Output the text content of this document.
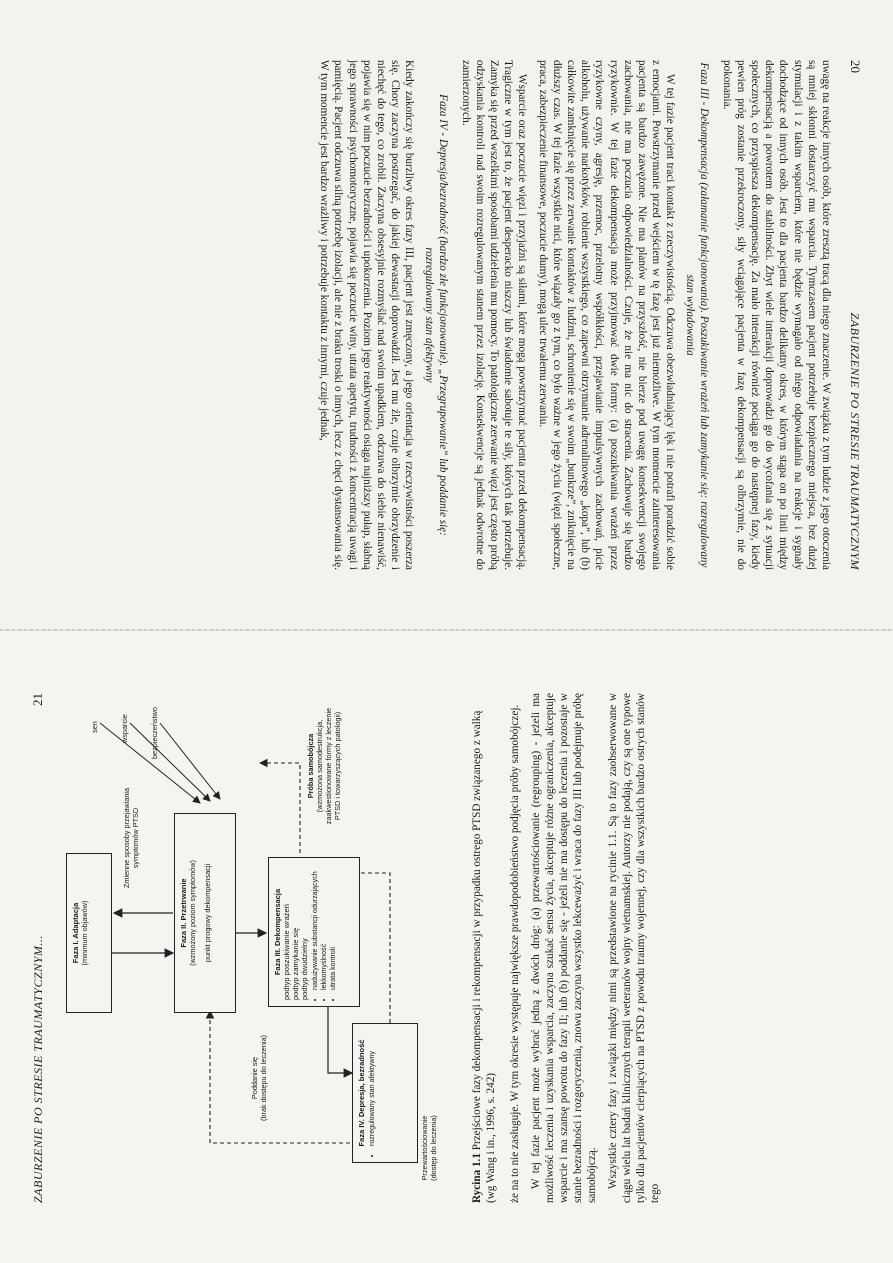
20
ZABURZENIE PO STRESIE TRAUMATYCZNYM

uwagę na reakcje innych osób, które zresztą tracą dla niego znaczenie. W związku z tym ludzie z jego otoczenia są mniej skłonni dostarczyć mu wsparcia. Tymczasem pacjent potrzebuje bezpiecznego miejsca, bez dużej stymulacji i z takim wsparciem, które nie będzie wymagało od niego odpowiadania na reakcje i sygnały dochodzące od innych osób. Jest to dla pacjenta bardzo delikatny okres, w którym stąpa on po linii między dekompensacją a powrotem do stabilności. Zbyt wiele interakcji doprowadzi go do wycofania się z sytuacji społecznych, co przyspiesza dekompensację. Za mało interakcji również pociąga go do następnej fazy, kiedy pewien próg zostanie przekroczony, siły wciągające pacjenta w fazę dekompensacji są olbrzymie, nie do pokonania.

Faza III - Dekompensacja (załamanie funkcjonowania). Poszukiwanie wrażeń lub zamykanie się: rozregulowany stan wyładowania

W tej fazie pacjent traci kontakt z rzeczywistością. Odczuwa obezwładniający lęk i nie potrafi poradzić sobie z emocjami. Powstrzymanie przed wejściem w tę fazę jest już niemożliwe. W tym momencie zainteresowania pacjenta są bardzo zawężone. Nie ma planów na przyszłość, nie bierze pod uwagę konsekwencji swojego zachowania, nie ma poczucia odpowiedzialności. Czuje, że nie ma nic do stracenia. Zachowuje się bardzo ryzykownie. W tej fazie dekompensacja może przyjmować dwie formy: (a) poszukiwania wrażeń przez ryzykowne czyny, agresję, przemoc, przelotny współkłości, przejawianie impulsywnych zachowań, picie alkoholu, używanie narkotyków, robienie wszystkiego, co zapewni otrzymanie adrenalinowego „kopa”, lub (b) całkowite zamknięcie się przez zerwanie kontaktów z ludźmi, schronienie się w swoim „bunkrze”, zniknięcie na dłuższy czas. W tej fazie wszystkie nici, które wiązały go z tym, co było ważne w jego życiu (więzi społeczne, praca, zabezpieczenie finansowe, poczucie dumy), mogą ulec trwałemu zerwaniu.

Wsparcie oraz poczucie więzi i przyjaźni są siłami, które mogą powstrzymać pacjenta przed dekompensacją. Tragiczne w tym jest to, że pacjent desperacko niszczy lub świadomie sabotuje te siły, których tak potrzebuje. Zamyka się przed wszelkimi sposobami udzielenia mu pomocy. To patologiczne zerwanie więzi jest często próbą odzyskania kontroli nad swoim rozregulowanym stanem przez izolację. Konsekwencje są jednak odwrotne do zamierzonych.

Faza IV - Depresja/bezradność (bardzo złe funkcjonowanie). „Przegrupowanie” lub poddanie się: rozregulowany stan afektywny

Kiedy zakończy się burzliwy okres fazy III, pacjent jest zmęczony, a jego orientacja w rzeczywistości poszerza się. Chory zaczyna postrzegać, do jakiej dewastacji doprowadził. Jest mu źle, czuje olbrzymie obrzydzenie i niechęć do tego, co zrobił. Zaczyna obsesyjnie rozmyślać nad swoim upadkiem, odczuwa do siebie nienawiść, pojawia się w nim poczucie bezradności i upokorzenia. Poziom jego reaktywności osiąga najniższy pułap, słabną jego sprawności psychomotoryczne, pojawia się poczucie winy, utrata apetytu, trudności z koncentracją uwagi i pamięcią. Pacjent odczuwa silną potrzebę izolacji, ale nie z braku troski o innych, lecz z chęci dystansowania się. W tym momencie jest bardzo wrażliwy i potrzebuje kontaktu z innymi, czuje jednak,

ZABURZENIE PO STRESIE TRAUMATYCZNYM...
21
Faza I. Adaptacja (minimum objawów)
Zmienne sposoby przejawiania symptomów PTSD
Faza II. Przetrwanie (wzmożony poziom symptomów) punkt progowy dekompensacji
Poddanie się (brak dostępu do leczenia)
Faza III. Dekompensacja podtyp poszukiwanie wrażeń podtyp zamykanie się podtyp dwudzielny • nadużywanie substancji odurzających • lekkomyślność • utrata kontroli
Faza IV. Depresja, bezradność • rozregulowany stan afektywny
Przewartościowanie (dostęp do leczenia)
Próba samobójcza (wzmożona samodestrukcja, zaakwestionowane formy z leczenie PTSD i towarzyszących patologii)
sen	wsparcie	bezpieczeństwo
Rycina 1.1 Przejściowe fazy dekompensacji i rekompensacji w przypadku ostrego PTSD związanego z walką (wg Wang i in., 1996, s. 242) że na to nie zasługuje. W tym okresie występuje największe prawdopodobieństwo podjęcia próby samobójczej. W tej fazie pacjent może wybrać jedną z dwóch dróg: (a) przewartościowanie (regrouping) - jeżeli ma możliwość leczenia i uzyskania wsparcia, zaczyna szukać sensu życia, akceptuje różne ograniczenia, akceptuje wsparcie i ma szansę powrotu do fazy II; lub (b) poddanie się - jeżeli nie ma dostępu do leczenia i pozostaje w stanie bezradności i rozgoryczenia, znowu zaczyna wszystko lekceważyć i wraca do fazy III lub podejmuje próbę samobójczą. Wszystkie cztery fazy i związki między nimi są przedstawione na rycinie 1.1. Są to fazy zaobserwowane w ciągu wielu lat badań klinicznych terapii weteranów wojny wietnamskiej. Autorzy nie podają, czy są one typowe tylko dla pacjentów cierpiących na PTSD z powodu traumy wojennej, czy dla wszystkich bardzo ostrych stanów tego
